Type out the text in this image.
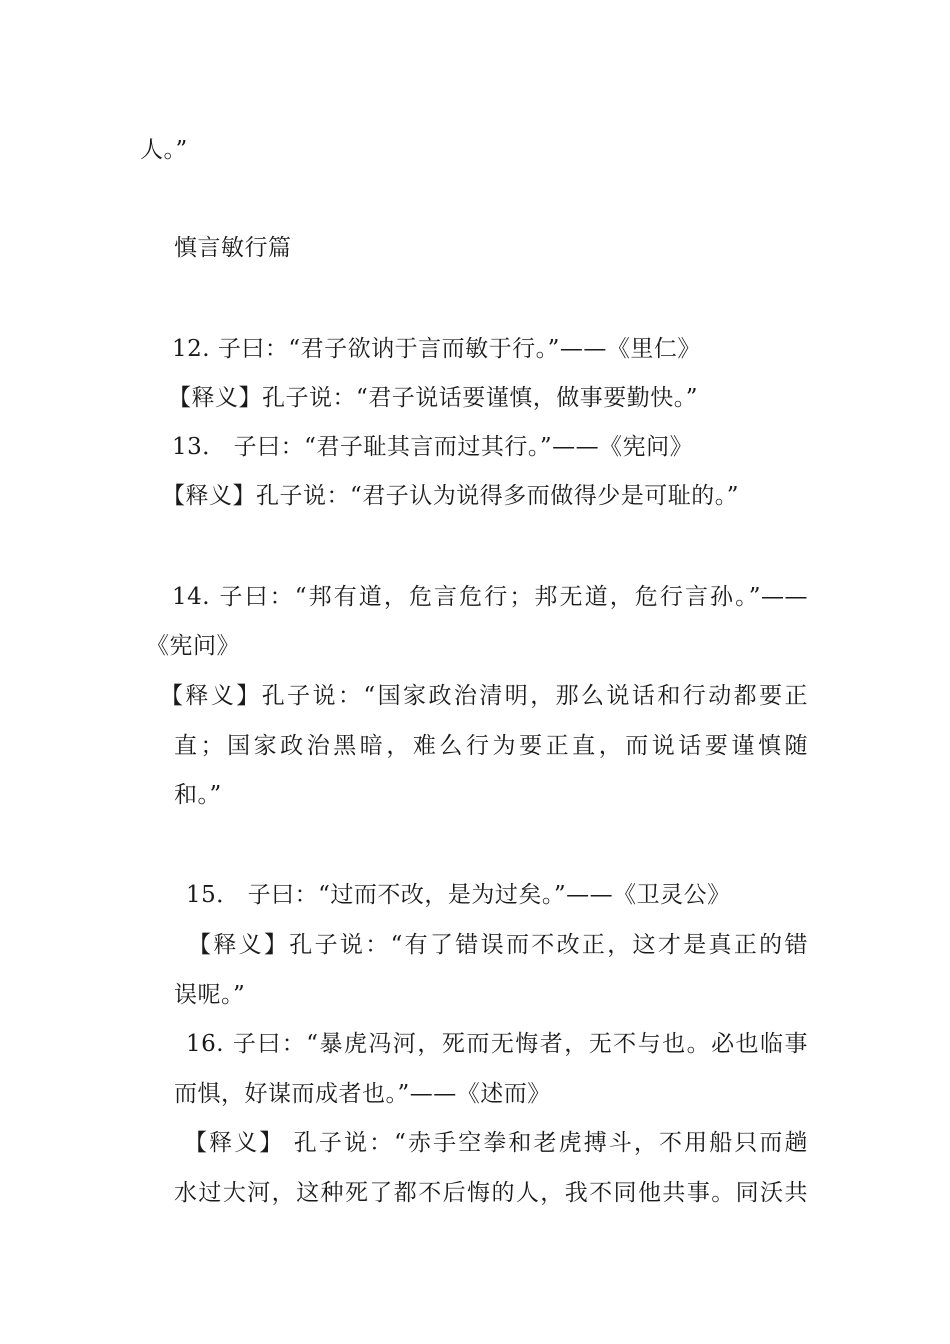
人。”
慎言敏行篇
12. 子曰：“君子欲讷于言而敏于行。”——《里仁》
【释义】孔子说：“君子说话要谨慎，做事要勤快。”
13． 子曰：“君子耻其言而过其行。”——《宪问》
【释义】孔子说：“君子认为说得多而做得少是可耻的。”
14. 子曰：“邦有道，危言危行；邦无道，危行言孙。”——
《宪问》
【释义】孔子说：“国家政治清明，那么说话和行动都要正
直；国家政治黑暗，难么行为要正直，而说话要谨慎随
和。”
15． 子曰：“过而不改，是为过矣。”——《卫灵公》
【释义】孔子说：“有了错误而不改正，这才是真正的错
误呢。”
16. 子曰：“暴虎冯河，死而无悔者，无不与也。必也临事
而惧，好谋而成者也。”——《述而》
【释义】 孔子说：“赤手空拳和老虎搏斗，不用船只而趟
水过大河，这种死了都不后悔的人，我不同他共事。同沃共
